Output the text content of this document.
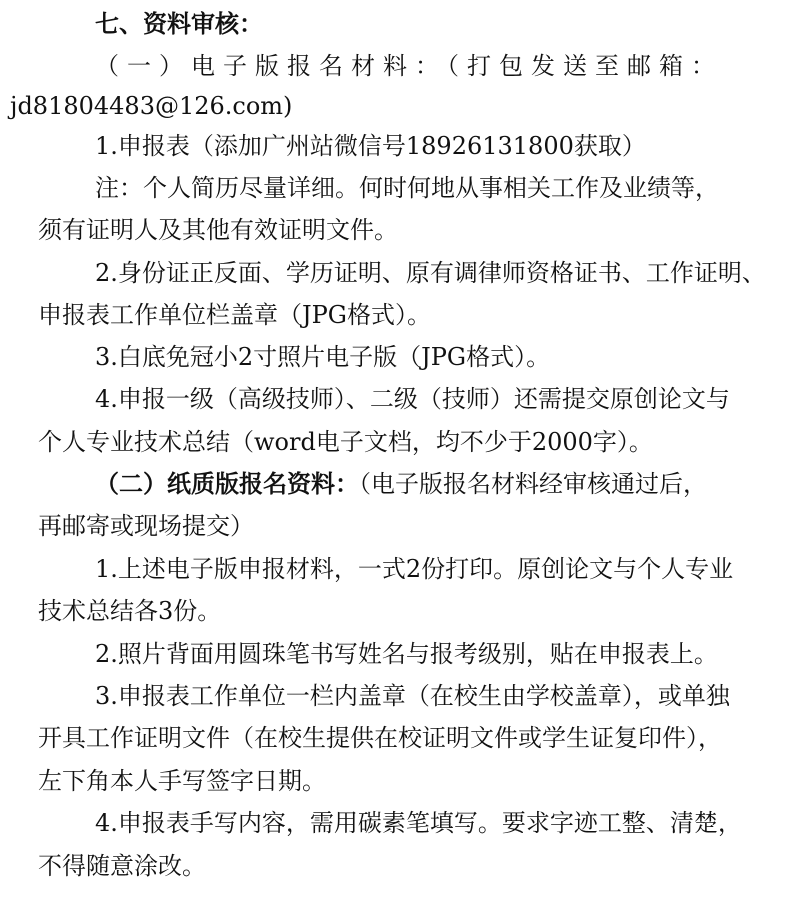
七、资料审核：
（一）电子版报名材料：（打包发送至邮箱：
jd81804483@126.com)
1.申报表（添加广州站微信号18926131800获取）
注：个人简历尽量详细。何时何地从事相关工作及业绩等，
须有证明人及其他有效证明文件。
2.身份证正反面、学历证明、原有调律师资格证书、工作证明、
申报表工作单位栏盖章（JPG格式）。
3.白底免冠小2寸照片电子版（JPG格式）。
4.申报一级（高级技师）、二级（技师）还需提交原创论文与
个人专业技术总结（word电子文档，均不少于2000字）。
（二）纸质版报名资料：（电子版报名材料经审核通过后，
再邮寄或现场提交）
1.上述电子版申报材料，一式2份打印。原创论文与个人专业
技术总结各3份。
2.照片背面用圆珠笔书写姓名与报考级别，贴在申报表上。
3.申报表工作单位一栏内盖章（在校生由学校盖章），或单独
开具工作证明文件（在校生提供在校证明文件或学生证复印件），
左下角本人手写签字日期。
4.申报表手写内容，需用碳素笔填写。要求字迹工整、清楚，
不得随意涂改。
